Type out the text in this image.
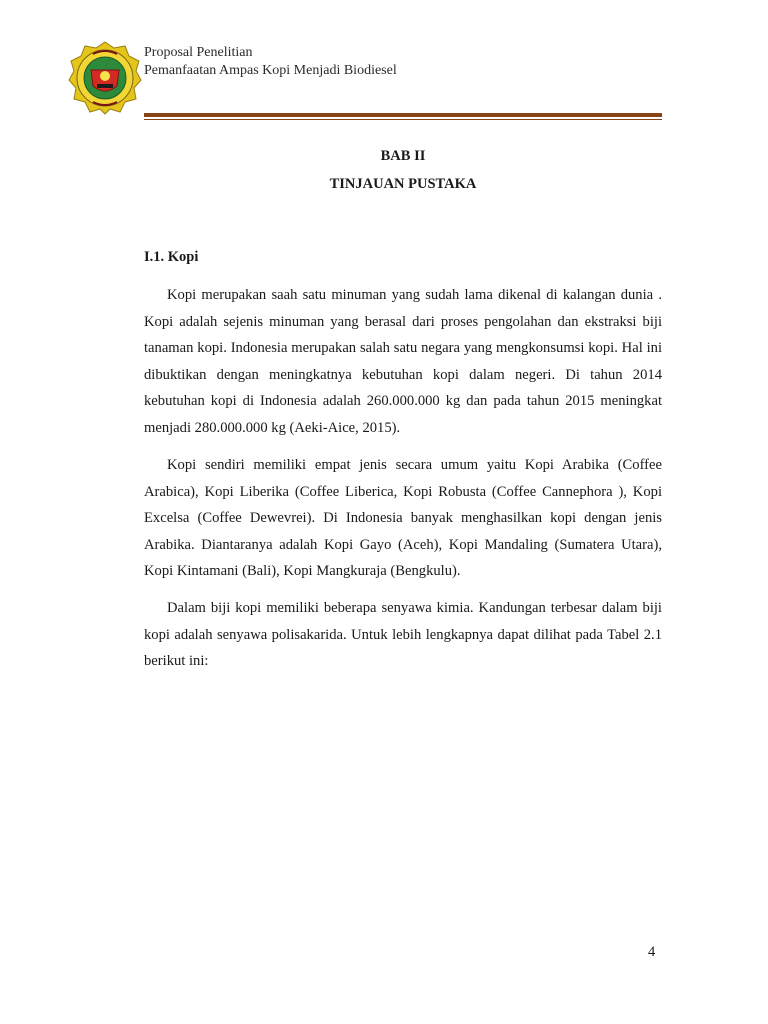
Proposal Penelitian
Pemanfaatan Ampas Kopi Menjadi Biodiesel
BAB II
TINJAUAN PUSTAKA
I.1. Kopi

Kopi merupakan saah satu minuman yang sudah lama dikenal di kalangan dunia . Kopi adalah sejenis minuman yang berasal dari proses pengolahan dan ekstraksi biji tanaman kopi. Indonesia merupakan salah satu negara yang mengkonsumsi kopi. Hal ini dibuktikan dengan meningkatnya kebutuhan kopi dalam negeri. Di tahun 2014 kebutuhan kopi di Indonesia adalah 260.000.000 kg dan pada tahun 2015 meningkat menjadi 280.000.000 kg (Aeki-Aice, 2015).

Kopi sendiri memiliki empat jenis secara umum yaitu Kopi Arabika (Coffee Arabica), Kopi Liberika (Coffee Liberica, Kopi Robusta (Coffee Cannephora ), Kopi Excelsa (Coffee Dewevrei). Di Indonesia banyak menghasilkan kopi dengan jenis Arabika. Diantaranya adalah Kopi Gayo (Aceh), Kopi Mandaling (Sumatera Utara), Kopi Kintamani (Bali), Kopi Mangkuraja (Bengkulu).

Dalam biji kopi memiliki beberapa senyawa kimia. Kandungan terbesar dalam biji kopi adalah senyawa polisakarida. Untuk lebih lengkapnya dapat dilihat pada Tabel 2.1 berikut ini:

4
